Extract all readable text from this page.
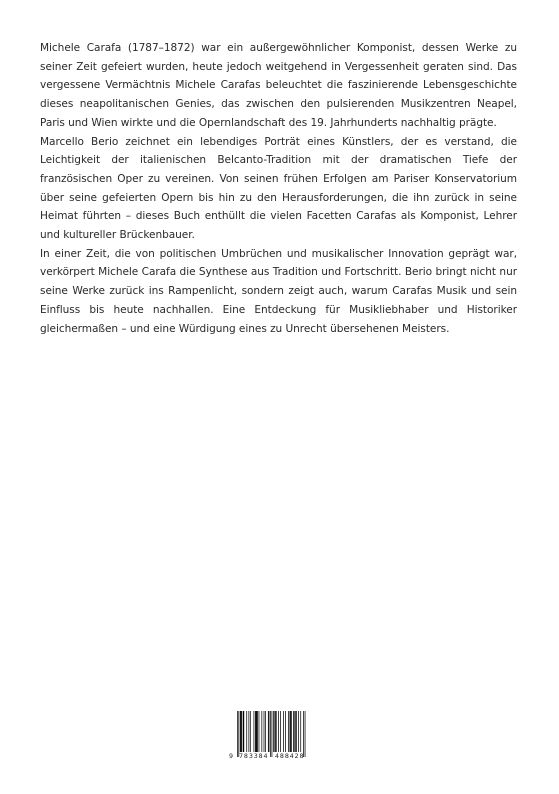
Michele Carafa (1787–1872) war ein außergewöhnlicher Komponist, dessen Werke zu seiner Zeit gefeiert wurden, heute jedoch weitgehend in Vergessenheit geraten sind. Das vergessene Vermächtnis Michele Carafas beleuchtet die faszinierende Lebensgeschichte dieses neapolitanischen Genies, das zwischen den pulsierenden Musikzentren Neapel, Paris und Wien wirkte und die Opernlandschaft des 19. Jahrhunderts nachhaltig prägte.

Marcello Berio zeichnet ein lebendiges Porträt eines Künstlers, der es verstand, die Leichtigkeit der italienischen Belcanto-Tradition mit der dramatischen Tiefe der französischen Oper zu vereinen. Von seinen frühen Erfolgen am Pariser Konservatorium über seine gefeierten Opern bis hin zu den Herausforderungen, die ihn zurück in seine Heimat führten – dieses Buch enthüllt die vielen Facetten Carafas als Komponist, Lehrer und kultureller Brückenbauer.

In einer Zeit, die von politischen Umbrüchen und musikalischer Innovation geprägt war, verkörpert Michele Carafa die Synthese aus Tradition und Fortschritt. Berio bringt nicht nur seine Werke zurück ins Rampenlicht, sondern zeigt auch, warum Carafas Musik und sein Einfluss bis heute nachhallen. Eine Entdeckung für Musikliebhaber und Historiker gleichermaßen – und eine Würdigung eines zu Unrecht übersehenen Meisters.

9 783384 488428
